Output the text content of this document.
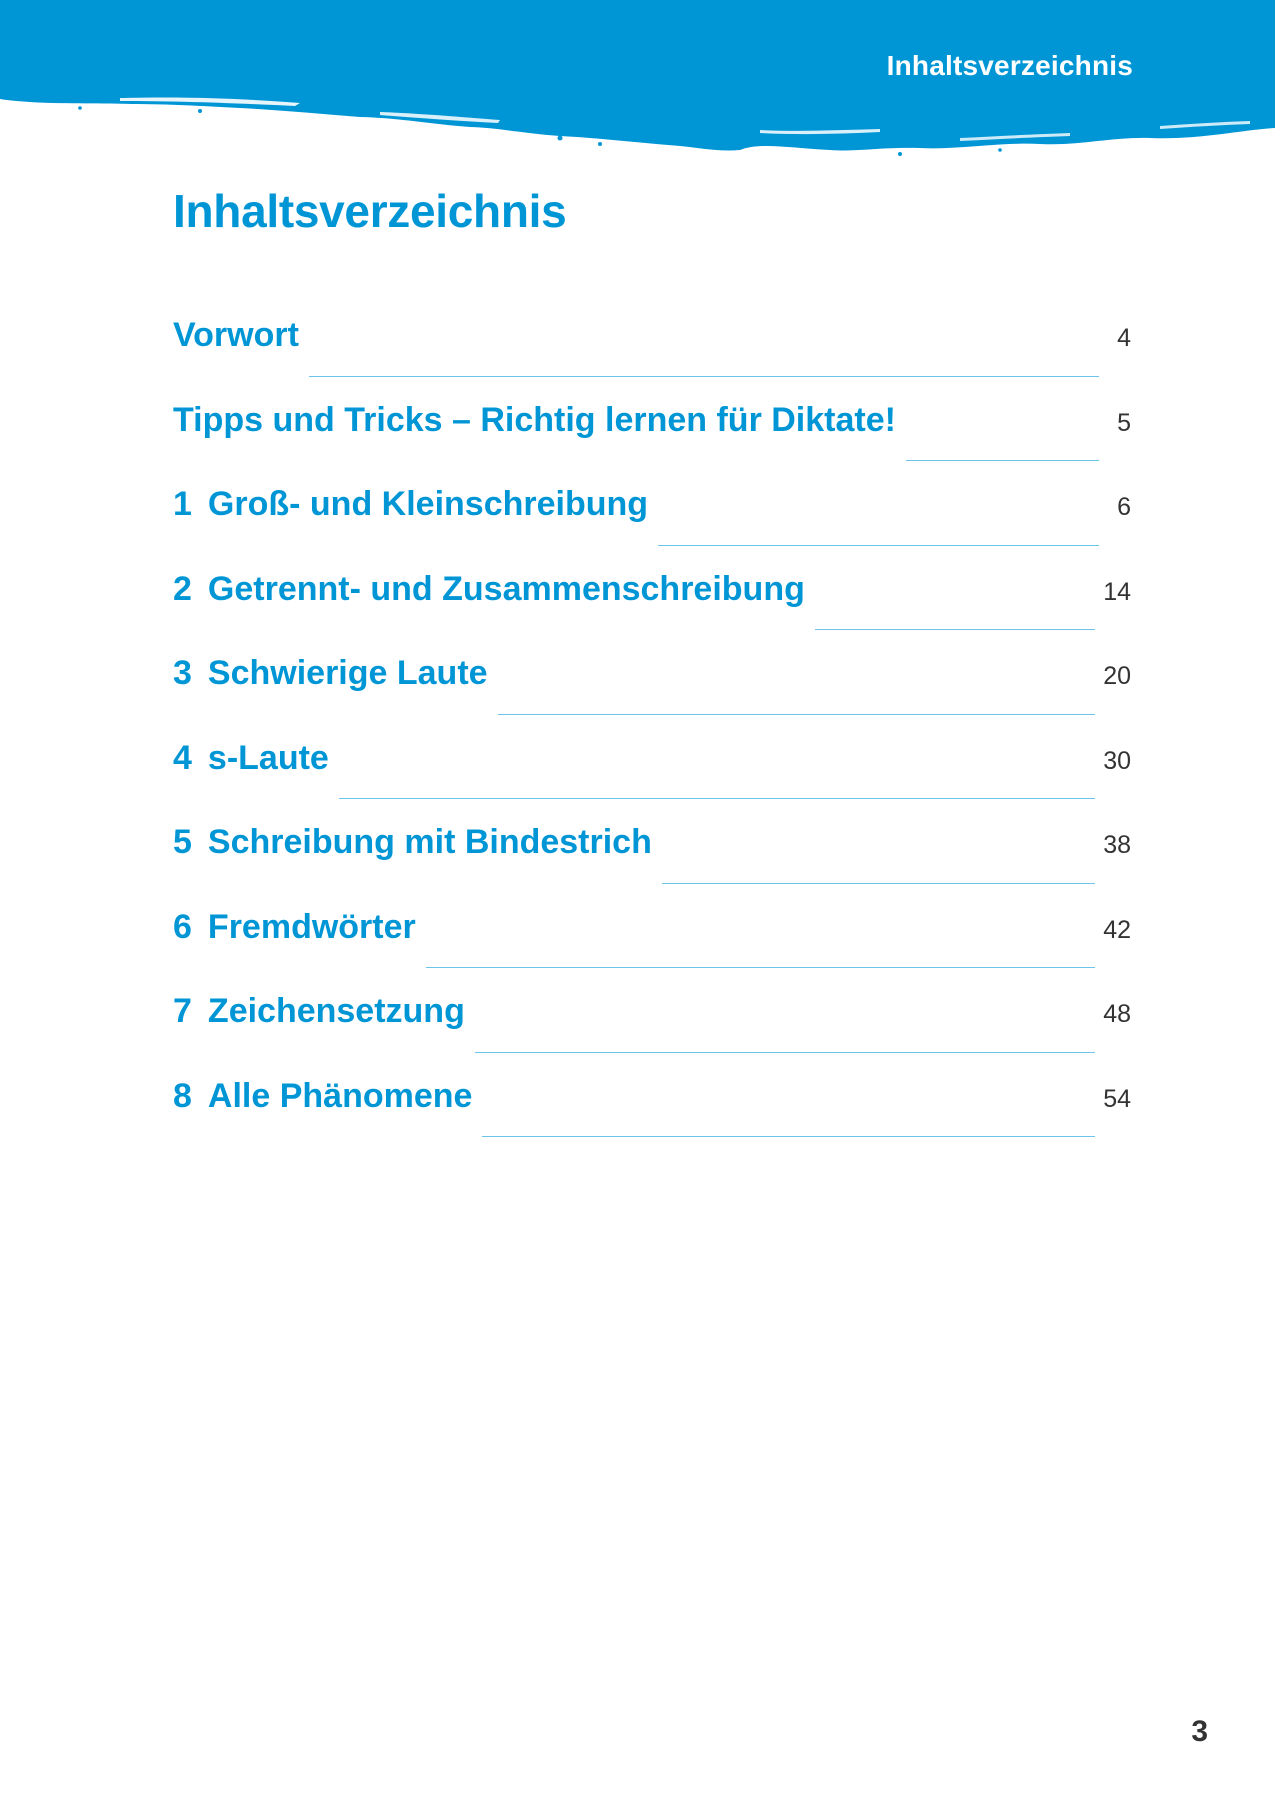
Inhaltsverzeichnis
Inhaltsverzeichnis
Vorwort	4
Tipps und Tricks – Richtig lernen für Diktate!	5
1 Groß- und Kleinschreibung	6
2 Getrennt- und Zusammenschreibung	14
3 Schwierige Laute	20
4 s-Laute	30
5 Schreibung mit Bindestrich	38
6 Fremdwörter	42
7 Zeichensetzung	48
8 Alle Phänomene	54
3
